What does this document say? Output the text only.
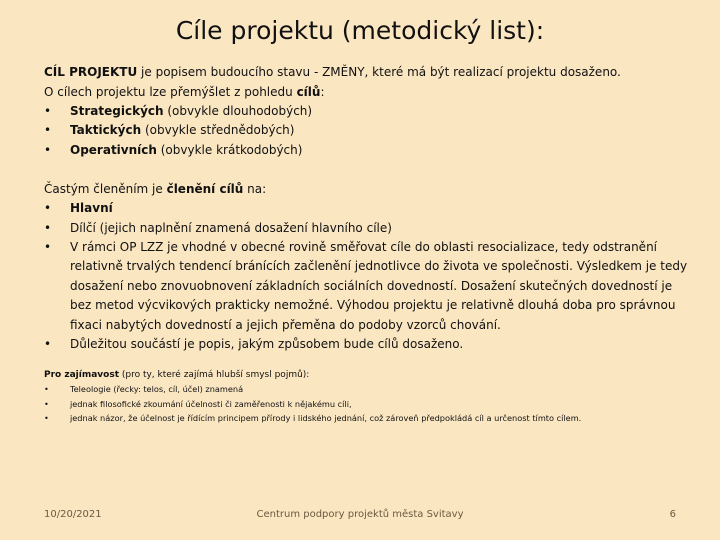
Cíle projektu (metodický list):

CÍL PROJEKTU je popisem budoucího stavu - ZMĚNY, které má být realizací projektu dosaženo.

O cílech projektu lze přemýšlet z pohledu cílů:

• Strategických (obvykle dlouhodobých)
• Taktických (obvykle střednědobých)
• Operativních (obvykle krátkodobých)

Častým členěním je členění cílů na:

• Hlavní
• Dílčí (jejich naplnění znamená dosažení hlavního cíle)
• V rámci OP LZZ je vhodné v obecné rovině směřovat cíle do oblasti resocializace, tedy odstranění relativně trvalých tendencí bránících začlenění jednotlivce do života ve společnosti. Výsledkem je tedy dosažení nebo znovuobnovení základních sociálních dovedností. Dosažení skutečných dovedností je bez metod výcvikových prakticky nemožné. Výhodou projektu je relativně dlouhá doba pro správnou fixaci nabytých dovedností a jejich přeměna do podoby vzorců chování.
• Důležitou součástí je popis, jakým způsobem bude cílů dosaženo.

Pro zajímavost (pro ty, které zajímá hlubší smysl pojmů):

•	Teleologie (řecky: telos, cíl, účel) znamená
•	jednak filosofické zkoumání účelnosti či zaměřenosti k nějakému cíli,
•	jednak názor, že účelnost je řídícím principem přírody i lidského jednání, což zároveň předpokládá cíl a určenost tímto cílem.
10/20/2021	Centrum podpory projektů města Svitavy	6
